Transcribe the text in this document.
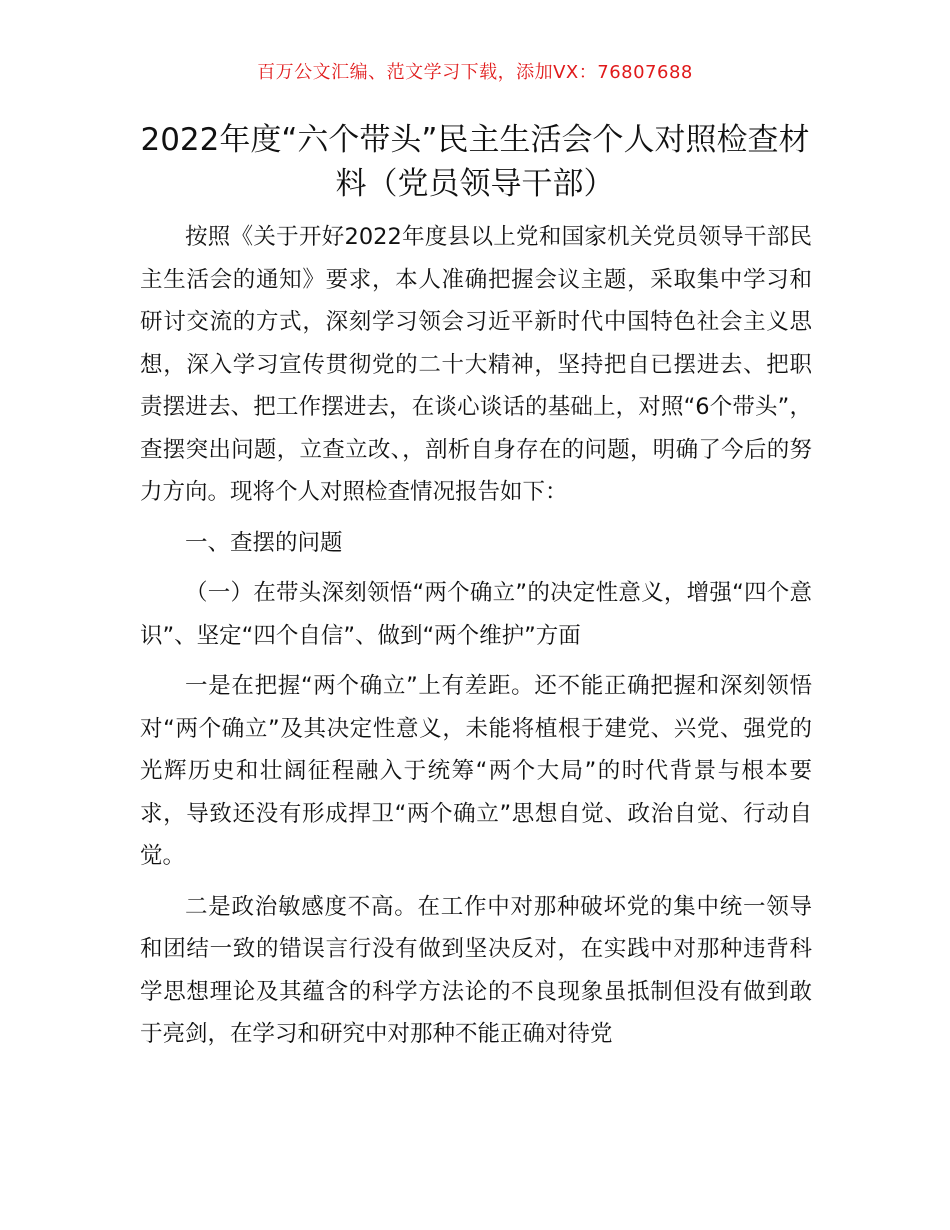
百万公文汇编、范文学习下载，添加VX：76807688
2022年度“六个带头”民主生活会个人对照检查材料（党员领导干部）

按照《关于开好2022年度县以上党和国家机关党员领导干部民主生活会的通知》要求，本人准确把握会议主题，采取集中学习和研讨交流的方式，深刻学习领会习近平新时代中国特色社会主义思想，深入学习宣传贯彻党的二十大精神，坚持把自已摆进去、把职责摆进去、把工作摆进去，在谈心谈话的基础上，对照“6个带头”，查摆突出问题，立查立改、，剖析自身存在的问题，明确了今后的努力方向。现将个人对照检查情况报告如下：

一、查摆的问题

（一）在带头深刻领悟“两个确立”的决定性意义，增强“四个意识”、坚定“四个自信”、做到“两个维护”方面

一是在把握“两个确立”上有差距。还不能正确把握和深刻领悟对“两个确立”及其决定性意义，未能将植根于建党、兴党、强党的光辉历史和壮阔征程融入于统筹“两个大局”的时代背景与根本要求，导致还没有形成捍卫“两个确立”思想自觉、政治自觉、行动自觉。

二是政治敏感度不高。在工作中对那种破坏党的集中统一领导和团结一致的错误言行没有做到坚决反对，在实践中对那种违背科学思想理论及其蕴含的科学方法论的不良现象虽抵制但没有做到敢于亮剑，在学习和研究中对那种不能正确对待党
